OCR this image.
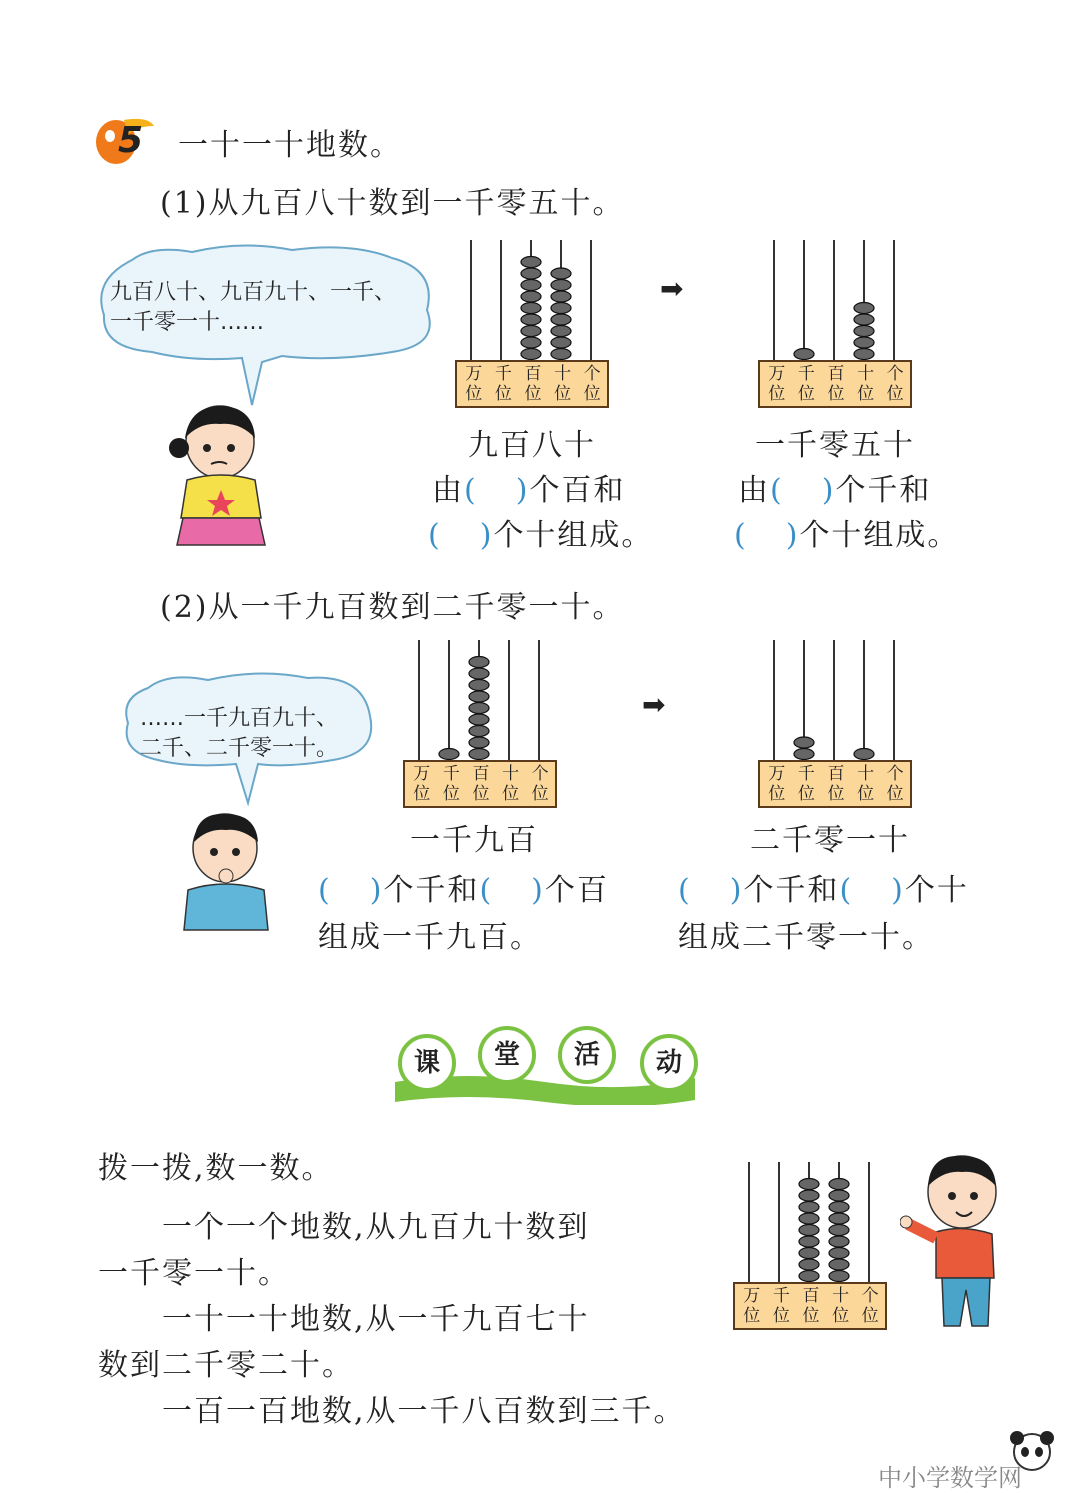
5 一十一十地数。
(1)从九百八十数到一千零五十。
九百八十、九百九十、一千、
一千零一十……
万 千 百 十 个
位 位 位 位 位
➡
万 千 百 十 个
位 位 位 位 位
九百八十
由( )个百和
( )个十组成。
一千零五十
由( )个千和
( )个十组成。
(2)从一千九百数到二千零一十。
……一千九百九十、
二千、二千零一十。
万 千 百 十 个
位 位 位 位 位
➡
万 千 百 十 个
位 位 位 位 位
一千九百	二千零一十
( )个千和( )个百
组成一千九百。
( )个千和( )个十
组成二千零一十。
课	堂	活	动
拨一拨,数一数。
一个一个地数,从九百九十数到
一千零一十。
一十一十地数,从一千九百七十
数到二千零二十。
一百一百地数,从一千八百数到三千。
万 千 百 十 个
位 位 位 位 位
中小学数学网
